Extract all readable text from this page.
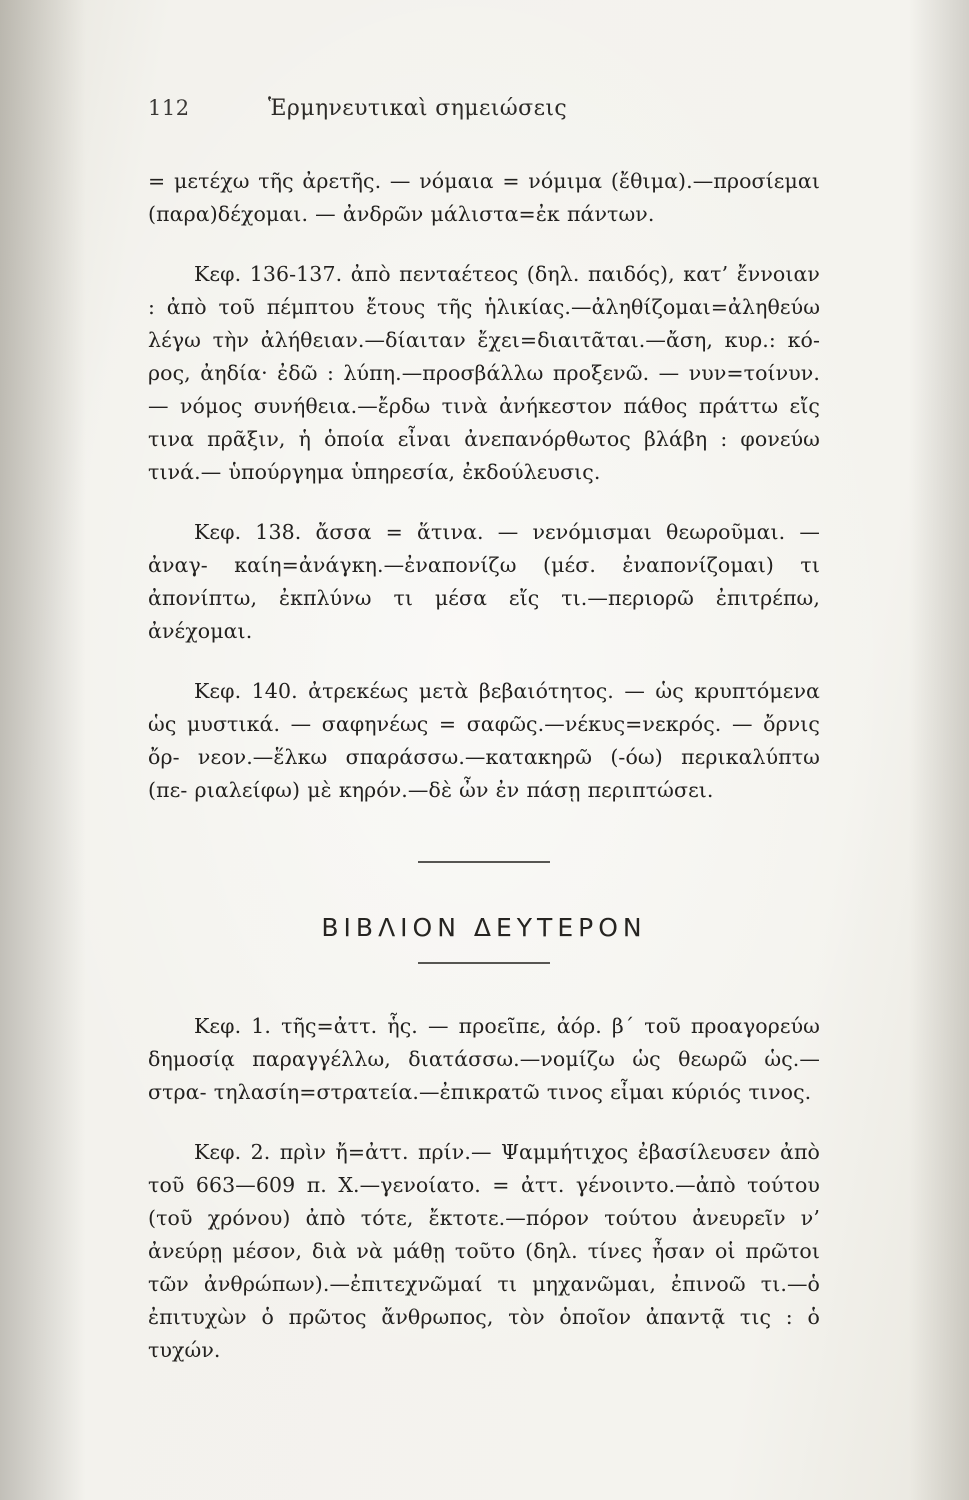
112	Ἑρμηνευτικαὶ σημειώσεις

= μετέχω τῆς ἀρετῆς. — νόμαια = νόμιμα (ἔθιμα).—προσίεμαι (παρα)δέχομαι. — ἀνδρῶν μάλιστα=ἐκ πάντων.

Κεφ. 136-137. ἀπὸ πενταέτεος (δηλ. παιδός), κατ’ ἔννοιαν : ἀπὸ τοῦ πέμπτου ἔτους τῆς ἡλικίας.—ἀληθίζομαι=ἀληθεύω λέγω τὴν ἀλήθειαν.—δίαιταν ἔχει=διαιτᾶται.—ἄση, κυρ.: κό- ρος, ἀηδία· ἐδῶ : λύπη.—προσβάλλω προξενῶ. — νυν=τοίνυν.— νόμος συνήθεια.—ἔρδω τινὰ ἀνήκεστον πάθος πράττω εἴς τινα πρᾶξιν, ἡ ὁποία εἶναι ἀνεπανόρθωτος βλάβη : φονεύω τινά.— ὑπούργημα ὑπηρεσία, ἐκδούλευσις.

Κεφ. 138. ἄσσα = ἅτινα. — νενόμισμαι θεωροῦμαι. — ἀναγ- καίη=ἀνάγκη.—ἐναπονίζω (μέσ. ἐναπονίζομαι) τι ἀπονίπτω, ἐκπλύνω τι μέσα εἴς τι.—περιορῶ ἐπιτρέπω, ἀνέχομαι.

Κεφ. 140. ἀτρεκέως μετὰ βεβαιότητος. — ὡς κρυπτόμενα ὡς μυστικά. — σαφηνέως = σαφῶς.—νέκυς=νεκρός. — ὄρνις ὄρ- νεον.—ἕλκω σπαράσσω.—κατακηρῶ (-όω) περικαλύπτω (πε- ριαλείφω) μὲ κηρόν.—δὲ ὦν ἐν πάσῃ περιπτώσει.

ΒΙΒΛΙΟΝ ΔΕΥΤΕΡΟΝ

Κεφ. 1. τῆς=ἀττ. ἧς. — προεῖπε, ἀόρ. β΄ τοῦ προαγορεύω δημοσίᾳ παραγγέλλω, διατάσσω.—νομίζω ὡς θεωρῶ ὡς.—στρα- τηλασίη=στρατεία.—ἐπικρατῶ τινος εἶμαι κύριός τινος.

Κεφ. 2. πρὶν ἤ=ἀττ. πρίν.— Ψαμμήτιχος ἐβασίλευσεν ἀπὸ τοῦ 663—609 π. Χ.—γενοίατο. = ἀττ. γένοιντο.—ἀπὸ τούτου (τοῦ χρόνου) ἀπὸ τότε, ἔκτοτε.—πόρον τούτου ἀνευρεῖν ν’ ἀνεύρῃ μέσον, διὰ νὰ μάθῃ τοῦτο (δηλ. τίνες ἦσαν οἱ πρῶτοι τῶν ἀνθρώπων).—ἐπιτεχνῶμαί τι μηχανῶμαι, ἐπινοῶ τι.—ὁ ἐπιτυχὼν ὁ πρῶτος ἄνθρωπος, τὸν ὁποῖον ἀπαντᾷ τις : ὁ τυχών.
